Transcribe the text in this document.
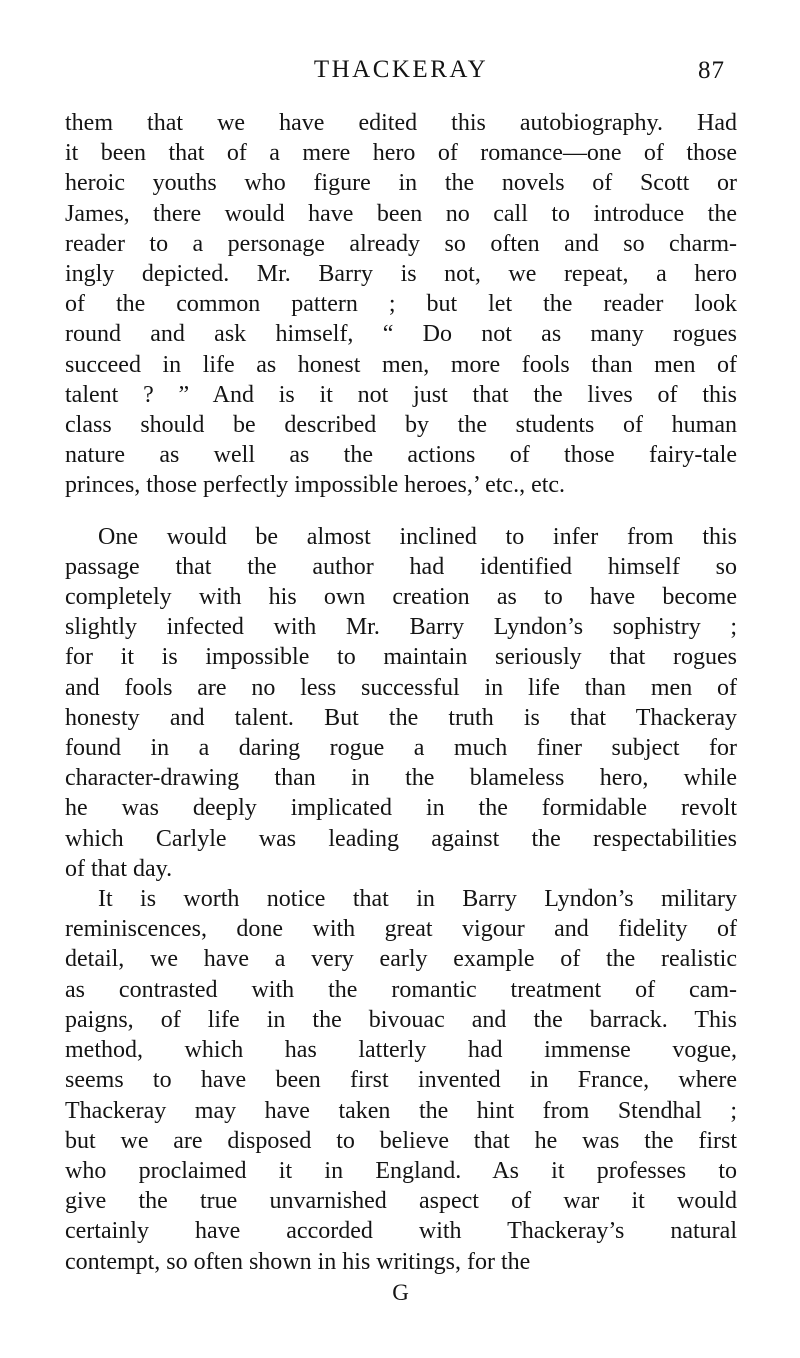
THACKERAY	87

them that we have edited this autobiography. Had
it been that of a mere hero of romance—one of those
heroic youths who figure in the novels of Scott or
James, there would have been no call to introduce the
reader to a personage already so often and so charm-
ingly depicted. Mr. Barry is not, we repeat, a hero
of the common pattern ; but let the reader look
round and ask himself, “ Do not as many rogues
succeed in life as honest men, more fools than men of
talent ? ” And is it not just that the lives of this
class should be described by the students of human
nature as well as the actions of those fairy-tale
princes, those perfectly impossible heroes,’ etc., etc.

One would be almost inclined to infer from this
passage that the author had identified himself so
completely with his own creation as to have become
slightly infected with Mr. Barry Lyndon’s sophistry ;
for it is impossible to maintain seriously that rogues
and fools are no less successful in life than men of
honesty and talent. But the truth is that Thackeray
found in a daring rogue a much finer subject for
character-drawing than in the blameless hero, while
he was deeply implicated in the formidable revolt
which Carlyle was leading against the respectabilities
of that day.

It is worth notice that in Barry Lyndon’s military
reminiscences, done with great vigour and fidelity of
detail, we have a very early example of the realistic
as contrasted with the romantic treatment of cam-
paigns, of life in the bivouac and the barrack. This
method, which has latterly had immense vogue,
seems to have been first invented in France, where
Thackeray may have taken the hint from Stendhal ;
but we are disposed to believe that he was the first
who proclaimed it in England. As it professes to
give the true unvarnished aspect of war it would
certainly have accorded with Thackeray’s natural
contempt, so often shown in his writings, for the

G
